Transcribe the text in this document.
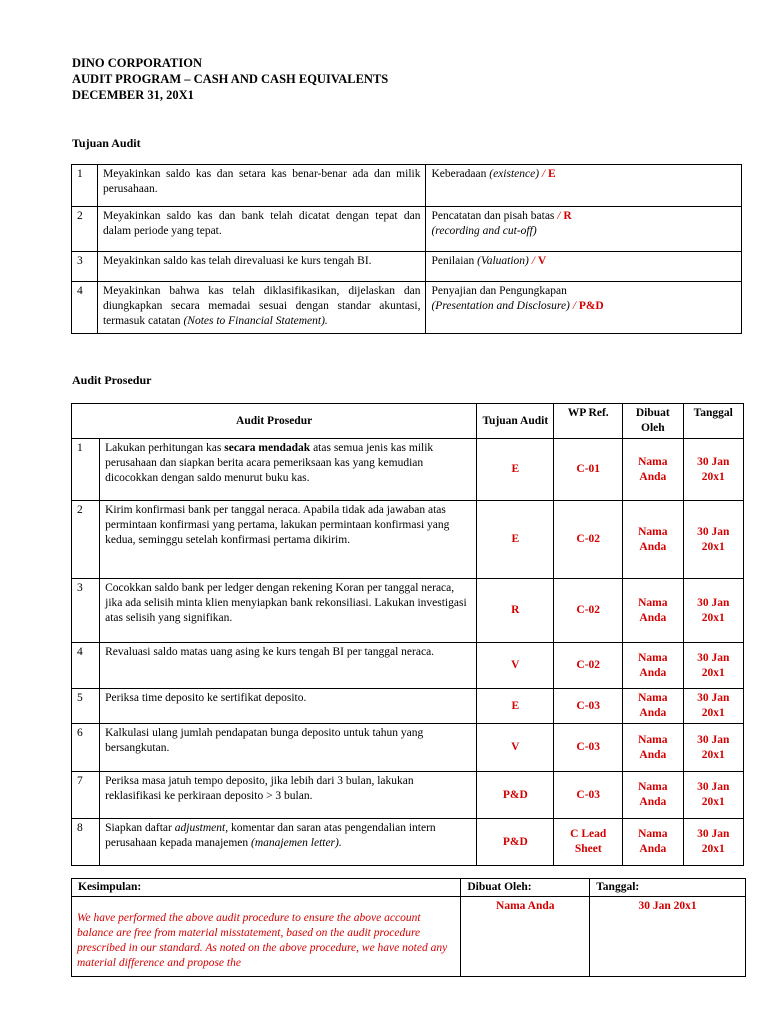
DINO CORPORATION
AUDIT PROGRAM – CASH AND CASH EQUIVALENTS
DECEMBER 31, 20X1
Tujuan Audit
1	Meyakinkan saldo kas dan setara kas benar-benar ada dan milik perusahaan.	Keberadaan (existence) / E
2	Meyakinkan saldo kas dan bank telah dicatat dengan tepat dan dalam periode yang tepat.	Pencatatan dan pisah batas / R
(recording and cut-off)
3	Meyakinkan saldo kas telah direvaluasi ke kurs tengah BI.	Penilaian (Valuation) / V
4	Meyakinkan bahwa kas telah diklasifikasikan, dijelaskan dan diungkapkan secara memadai sesuai dengan standar akuntasi, termasuk catatan (Notes to Financial Statement).	Penyajian dan Pengungkapan
(Presentation and Disclosure) / P&D
Audit Prosedur
Audit Prosedur		Tujuan Audit	WP Ref.	Dibuat Oleh	Tanggal
1	Lakukan perhitungan kas secara mendadak atas semua jenis kas milik perusahaan dan siapkan berita acara pemeriksaan kas yang kemudian dicocokkan dengan saldo menurut buku kas.	E	C-01	Nama Anda	30 Jan 20x1
2	Kirim konfirmasi bank per tanggal neraca. Apabila tidak ada jawaban atas permintaan konfirmasi yang pertama, lakukan permintaan konfirmasi yang kedua, seminggu setelah konfirmasi pertama dikirim.	E	C-02	Nama Anda	30 Jan 20x1
3	Cocokkan saldo bank per ledger dengan rekening Koran per tanggal neraca, jika ada selisih minta klien menyiapkan bank rekonsiliasi. Lakukan investigasi atas selisih yang signifikan.	R	C-02	Nama Anda	30 Jan 20x1
4	Revaluasi saldo matas uang asing ke kurs tengah BI per tanggal neraca.	V	C-02	Nama Anda	30 Jan 20x1
5	Periksa time deposito ke sertifikat deposito.	E	C-03	Nama Anda	30 Jan 20x1
6	Kalkulasi ulang jumlah pendapatan bunga deposito untuk tahun yang bersangkutan.	V	C-03	Nama Anda	30 Jan 20x1
7	Periksa masa jatuh tempo deposito, jika lebih dari 3 bulan, lakukan reklasifikasi ke perkiraan deposito > 3 bulan.	P&D	C-03	Nama Anda	30 Jan 20x1
8	Siapkan daftar adjustment, komentar dan saran atas pengendalian intern perusahaan kepada manajemen (manajemen letter).	P&D	C Lead Sheet	Nama Anda	30 Jan 20x1
Kesimpulan:	Dibuat Oleh:	Tanggal:
We have performed the above audit procedure to ensure the above account balance are free from material misstatement, based on the audit procedure prescribed in our standard. As noted on the above procedure, we have noted any material difference and propose the	Nama Anda	30 Jan 20x1
